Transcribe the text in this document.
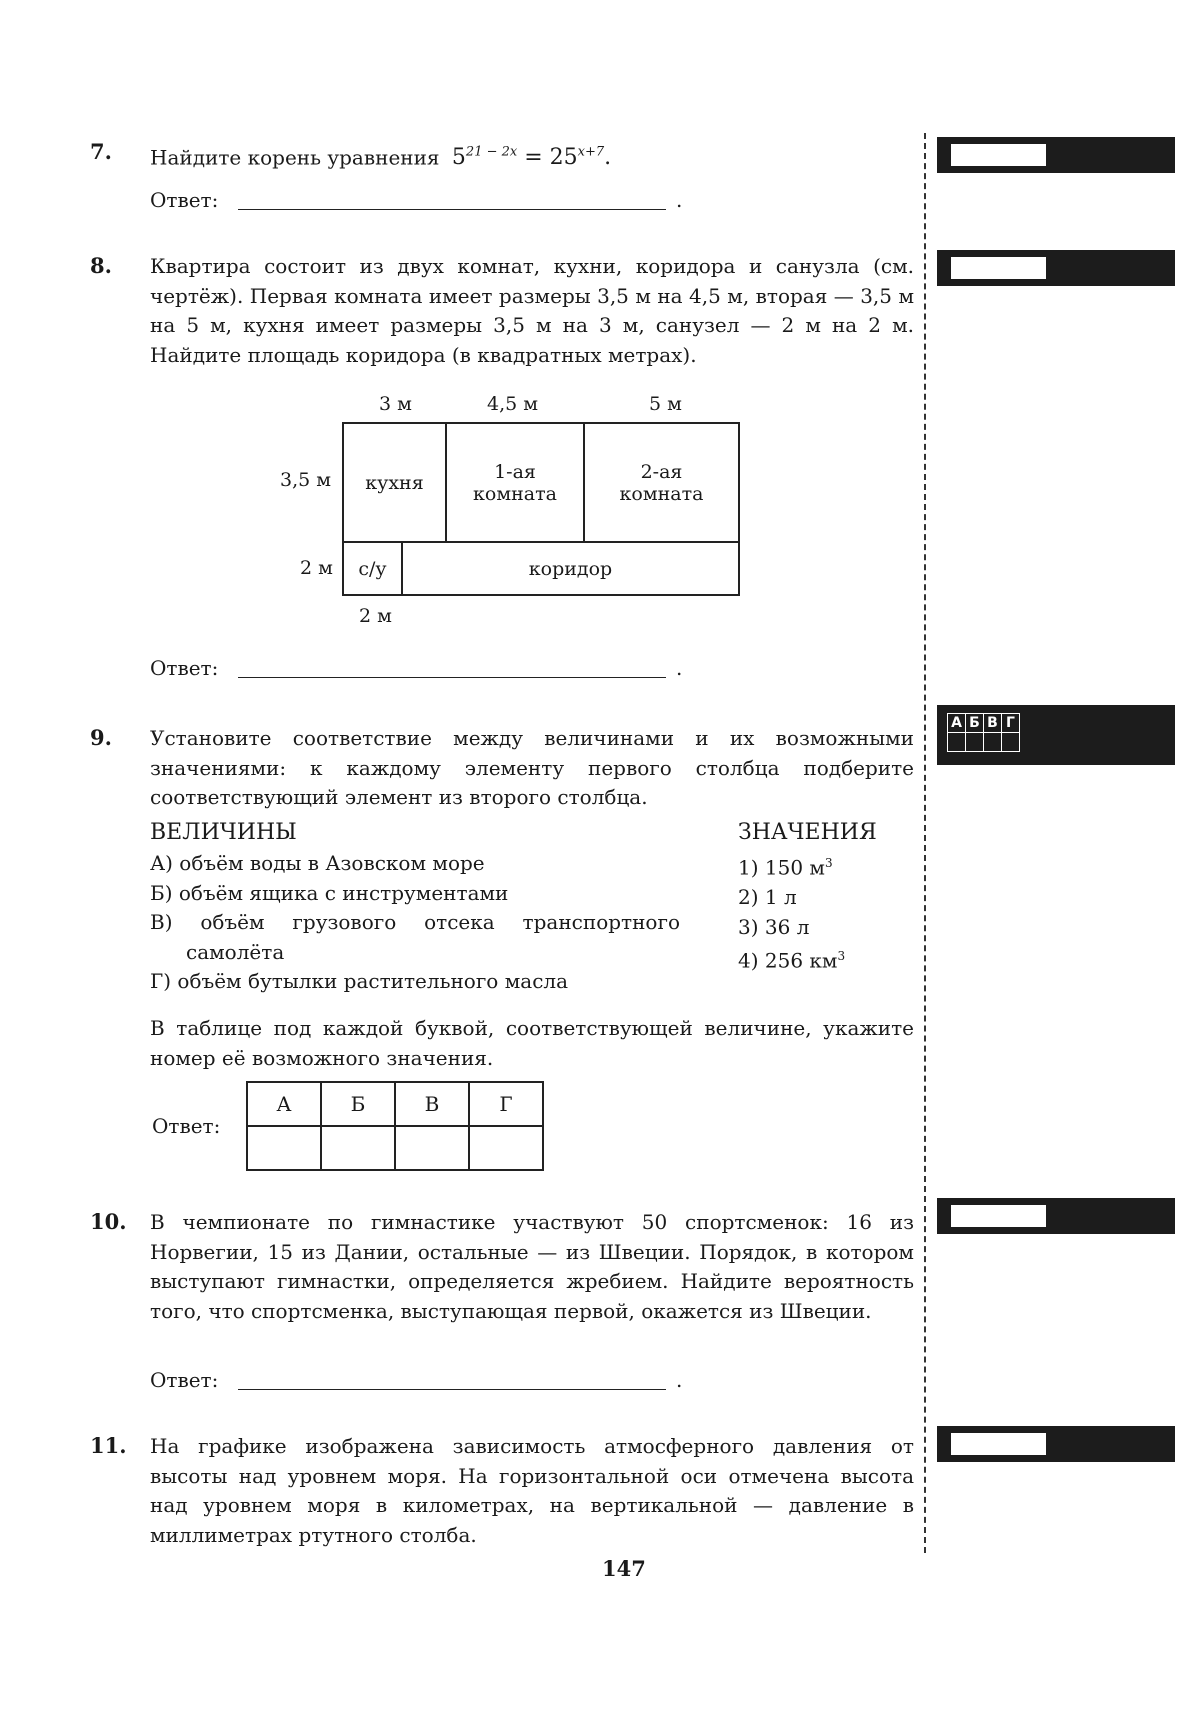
А	Б	В	Г

7. Найдите корень уравнения $5^{21 - 2x} = 25^{x+7}$.
Ответ:	.
8. Квартира состоит из двух комнат, кухни, коридора и санузла (см. чертёж). Первая комната имеет размеры 3,5 м на 4,5 м, вторая — 3,5 м на 5 м, кухня имеет размеры 3,5 м на 3 м, санузел — 2 м на 2 м. Найдите площадь коридора (в квадратных метрах).
3 м	4,5 м	5 м
3,5 м
2 м
2 м
кухня	1-ая
комната
2-ая
комната
с/у	коридор
Ответ:	.
9. Установите соответствие между величинами и их возможными значениями: к каждому элементу первого столбца подберите соответствующий элемент из второго столбца.
ВЕЛИЧИНЫ	ЗНАЧЕНИЯ
А) объём воды в Азовском море
Б) объём ящика с инструментами
В) объём грузового отсека транспортного самолёта
Г) объём бутылки растительного масла
1) 150 $м^3$
2) 1 л
3) 36 л
4) 256 $км^3$
В таблице под каждой буквой, соответствующей величине, укажите номер её возможного значения.
Ответ:
А	Б	В	Г

10. В чемпионате по гимнастике участвуют 50 спортсменок: 16 из Норвегии, 15 из Дании, остальные — из Швеции. Порядок, в котором выступают гимнастки, определяется жребием. Найдите вероятность того, что спортсменка, выступающая первой, окажется из Швеции.
Ответ:	.
11. На графике изображена зависимость атмосферного давления от высоты над уровнем моря. На горизонтальной оси отмечена высота над уровнем моря в километрах, на вертикальной — давление в миллиметрах ртутного столба.
147
